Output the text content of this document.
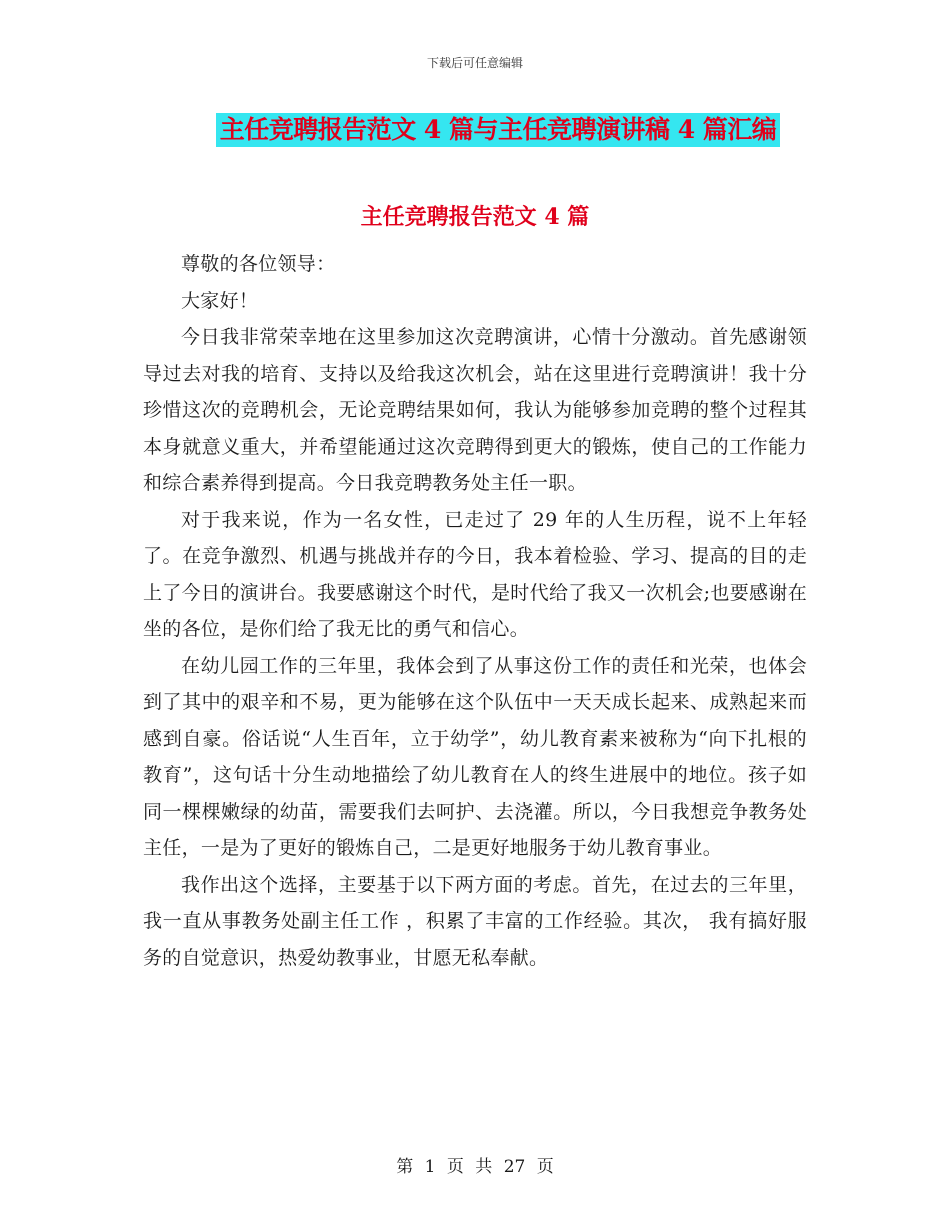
下载后可任意编辑
主任竞聘报告范文 4 篇与主任竞聘演讲稿 4 篇汇编
主任竞聘报告范文 4 篇

尊敬的各位领导：

大家好！

今日我非常荣幸地在这里参加这次竞聘演讲，心情十分激动。首先感谢领导过去对我的培育、支持以及给我这次机会，站在这里进行竞聘演讲！我十分珍惜这次的竞聘机会，无论竞聘结果如何，我认为能够参加竞聘的整个过程其本身就意义重大，并希望能通过这次竞聘得到更大的锻炼，使自己的工作能力和综合素养得到提高。今日我竞聘教务处主任一职。

对于我来说，作为一名女性，已走过了 29 年的人生历程，说不上年轻了。在竞争激烈、机遇与挑战并存的今日，我本着检验、学习、提高的目的走上了今日的演讲台。我要感谢这个时代，是时代给了我又一次机会;也要感谢在坐的各位，是你们给了我无比的勇气和信心。

在幼儿园工作的三年里，我体会到了从事这份工作的责任和光荣，也体会到了其中的艰辛和不易，更为能够在这个队伍中一天天成长起来、成熟起来而感到自豪。俗话说“人生百年，立于幼学”，幼儿教育素来被称为“向下扎根的教育”，这句话十分生动地描绘了幼儿教育在人的终生进展中的地位。孩子如同一棵棵嫩绿的幼苗，需要我们去呵护、去浇灌。所以，今日我想竞争教务处主任，一是为了更好的锻炼自己，二是更好地服务于幼儿教育事业。

我作出这个选择，主要基于以下两方面的考虑。首先，在过去的三年里，我一直从事教务处副主任工作 ，积累了丰富的工作经验。其次， 我有搞好服务的自觉意识，热爱幼教事业，甘愿无私奉献。

第 1 页 共 27 页
